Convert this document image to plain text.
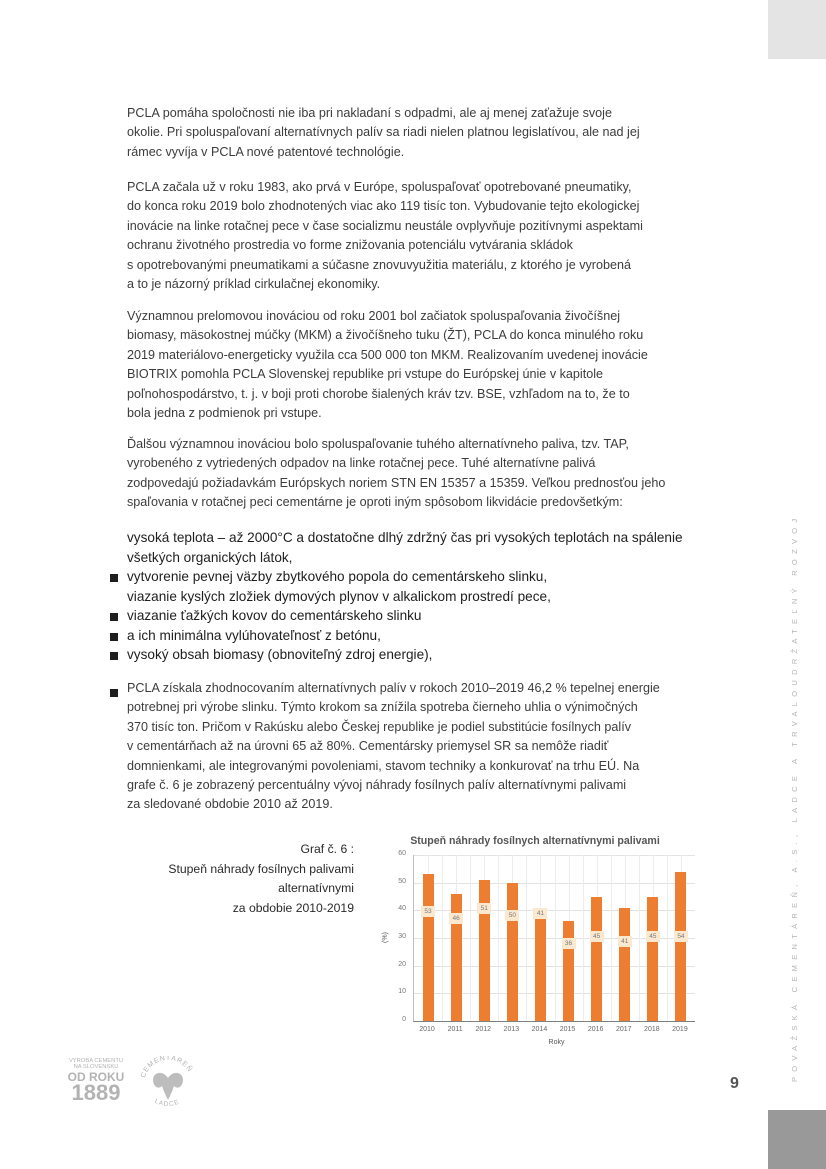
POVAŽSKÁ CEMENTÁREŇ, A.S., LADCE A TRVALOUDRŽATEĽNÝ ROZVOJ
9
PCLA pomáha spoločnosti nie iba pri nakladaní s odpadmi, ale aj menej zaťažuje svoje
okolie. Pri spoluspaľovaní alternatívnych palív sa riadi nielen platnou legislatívou, ale nad jej
rámec vyvíja v PCLA nové patentové technológie.
PCLA začala už v roku 1983, ako prvá v Európe, spoluspaľovať opotrebované pneumatiky,
do konca roku 2019 bolo zhodnotených viac ako 119 tisíc ton. Vybudovanie tejto ekologickej
inovácie na linke rotačnej pece v čase socializmu neustále ovplyvňuje pozitívnymi aspektami
ochranu životného prostredia vo forme znižovania potenciálu vytvárania skládok
s opotrebovanými pneumatikami a súčasne znovuvyužitia materiálu, z ktorého je vyrobená
a to je názorný príklad cirkulačnej ekonomiky.
Významnou prelomovou inováciou od roku 2001 bol začiatok spoluspaľovania živočíšnej
biomasy, mäsokostnej múčky (MKM) a živočíšneho tuku (ŽT), PCLA do konca minulého roku
2019 materiálovo-energeticky využila cca 500 000 ton MKM. Realizovaním uvedenej inovácie
BIOTRIX pomohla PCLA Slovenskej republike pri vstupe do Európskej únie v kapitole
poľnohospodárstvo, t. j. v boji proti chorobe šialených kráv tzv. BSE, vzhľadom na to, že to
bola jedna z podmienok pri vstupe.
Ďalšou významnou inováciou bolo spoluspaľovanie tuhého alternatívneho paliva, tzv. TAP,
vyrobeného z vytriedených odpadov na linke rotačnej pece. Tuhé alternatívne palivá
zodpovedajú požiadavkám Európskych noriem STN EN 15357 a 15359. Veľkou prednosťou jeho
spaľovania v rotačnej peci cementárne je oproti iným spôsobom likvidácie predovšetkým:
vysoká teplota – až 2000°C a dostatočne dlhý zdržný čas pri vysokých teplotách na spálenie
všetkých organických látok,
vytvorenie pevnej väzby zbytkového popola do cementárskeho slinku,
viazanie kyslých zložiek dymových plynov v alkalickom prostredí pece,
viazanie ťažkých kovov do cementárskeho slinku
a ich minimálna vylúhovateľnosť z betónu,
vysoký obsah biomasy (obnoviteľný zdroj energie),
PCLA získala zhodnocovaním alternatívnych palív v rokoch 2010–2019 46,2 % tepelnej energie
potrebnej pri výrobe slinku. Týmto krokom sa znížila spotreba čierneho uhlia o výnimočných
370 tisíc ton. Pričom v Rakúsku alebo Českej republike je podiel substitúcie fosílnych palív
v cementárňach až na úrovni 65 až 80%. Cementársky priemysel SR sa nemôže riadiť
domnienkami, ale integrovanými povoleniami, stavom techniky a konkurovať na trhu EÚ. Na
grafe č. 6 je zobrazený percentuálny vývoj náhrady fosílnych palív alternatívnymi palivami
za sledované obdobie 2010 až 2019.
Graf č. 6 :
Stupeň náhrady fosílnych palivami
alternatívnymi
za obdobie 2010-2019
Stupeň náhrady fosílnych alternatívnymi palivami
(%)
0
10
20
30
40
50
60
53
46
51
50	41
36
45
41
45	54
2010	2011	2012	2013	2014	2015	2016	2017	2018	2019
Roky
VÝROBA CEMENTU
NA SLOVENSKU
OD ROKU
1889
CEMENTÁREŇ
LADCE
